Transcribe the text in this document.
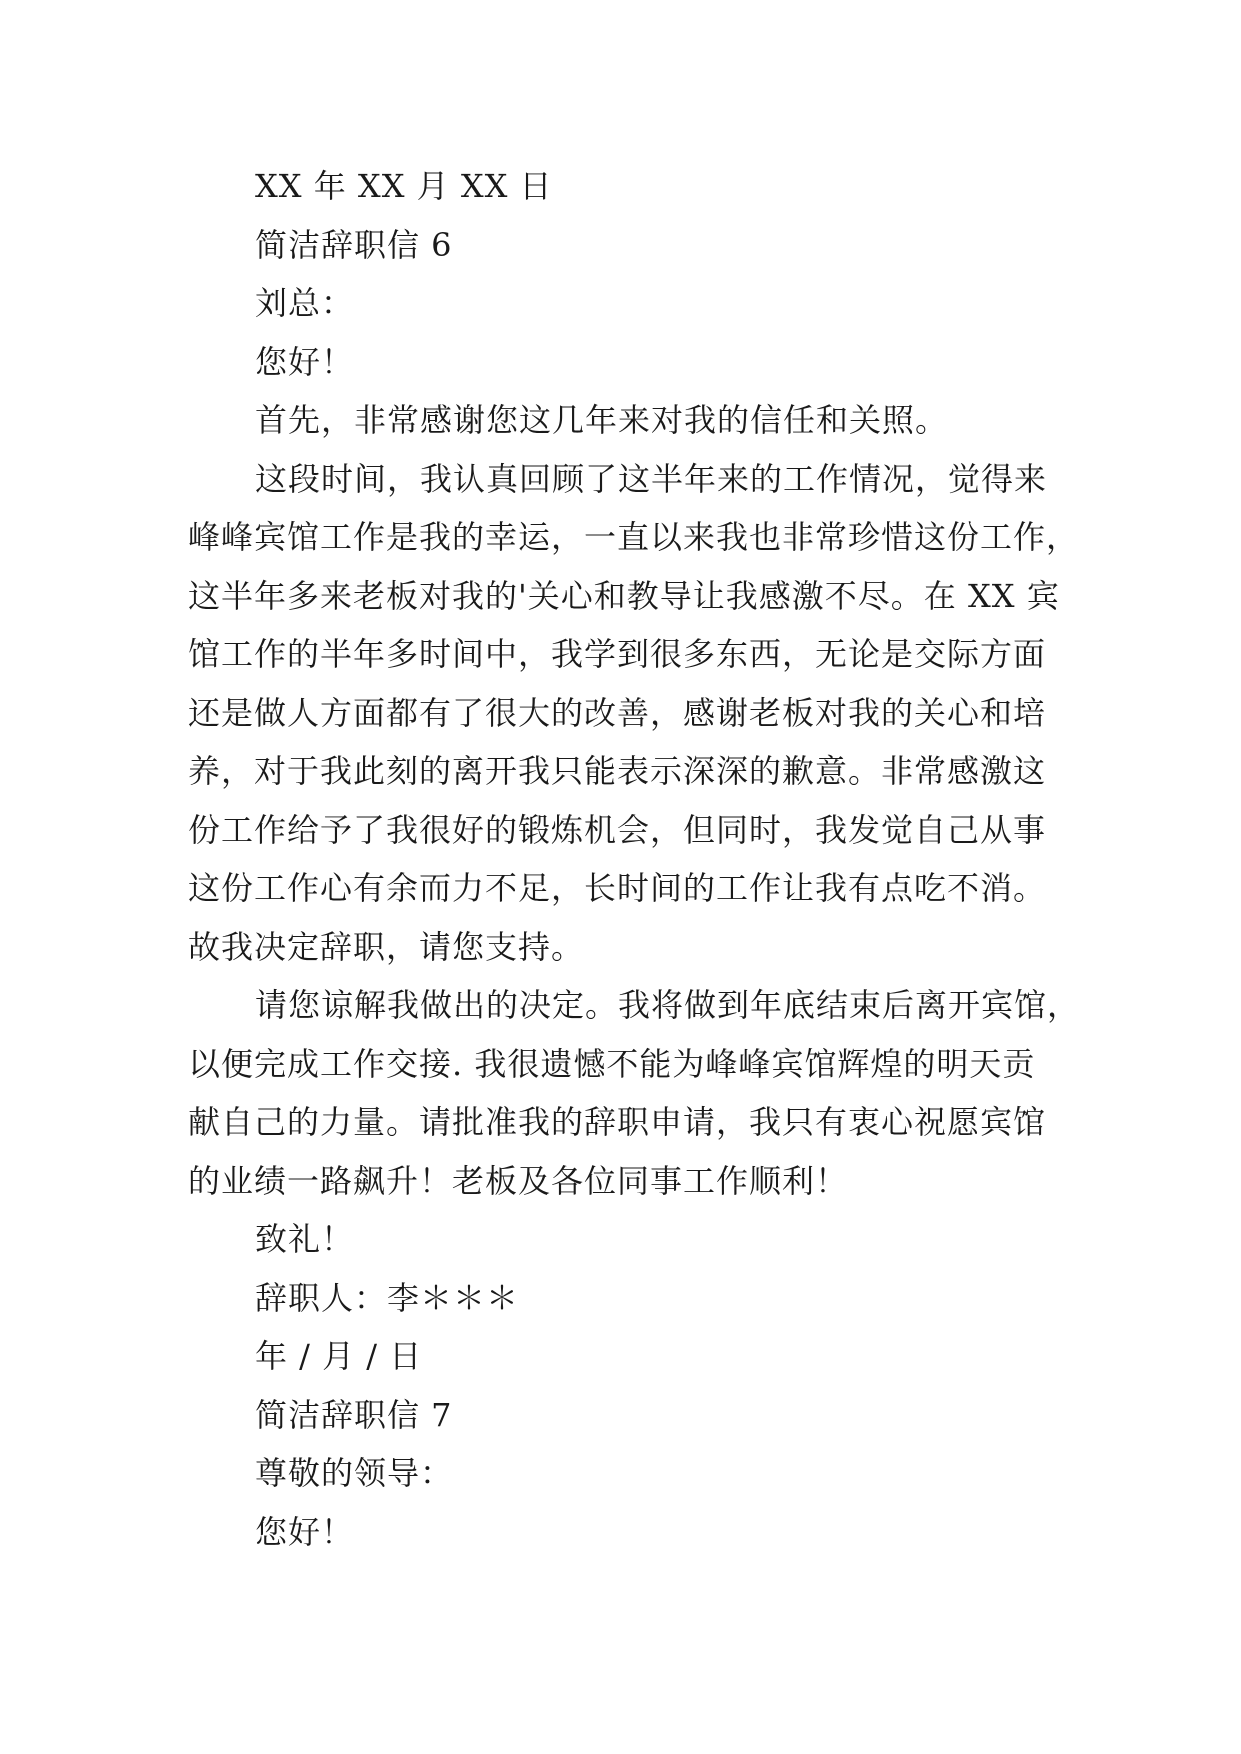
XX 年 XX 月 XX 日
简洁辞职信 6
刘总：
您好！
首先，非常感谢您这几年来对我的信任和关照。
这段时间，我认真回顾了这半年来的工作情况，觉得来
峰峰宾馆工作是我的幸运，一直以来我也非常珍惜这份工作，
这半年多来老板对我的'关心和教导让我感激不尽。在 XX 宾
馆工作的半年多时间中，我学到很多东西，无论是交际方面
还是做人方面都有了很大的改善，感谢老板对我的关心和培
养，对于我此刻的离开我只能表示深深的歉意。非常感激这
份工作给予了我很好的锻炼机会，但同时，我发觉自己从事
这份工作心有余而力不足，长时间的工作让我有点吃不消。
故我决定辞职，请您支持。
请您谅解我做出的决定。我将做到年底结束后离开宾馆，
以便完成工作交接. 我很遗憾不能为峰峰宾馆辉煌的明天贡
献自己的力量。请批准我的辞职申请，我只有衷心祝愿宾馆
的业绩一路飙升！老板及各位同事工作顺利！
致礼！
辞职人：李＊＊＊
年 / 月 / 日
简洁辞职信 7
尊敬的领导：
您好！
